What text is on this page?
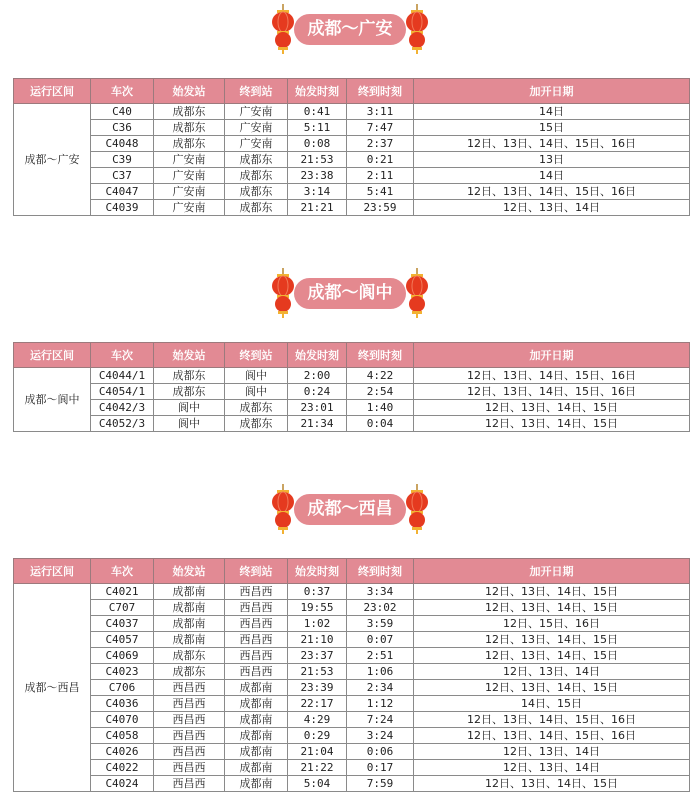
成都～广安
运行区间	车次	始发站	终到站	始发时刻	终到时刻	加开日期
成都～广安	C40	成都东	广安南	0:41	3:11	14日
	C36	成都东	广安南	5:11	7:47	15日
	C4048	成都东	广安南	0:08	2:37	12日、13日、14日、15日、16日
	C39	广安南	成都东	21:53	0:21	13日
	C37	广安南	成都东	23:38	2:11	14日
	C4047	广安南	成都东	3:14	5:41	12日、13日、14日、15日、16日
	C4039	广安南	成都东	21:21	23:59	12日、13日、14日
成都～阆中
运行区间	车次	始发站	终到站	始发时刻	终到时刻	加开日期
成都～阆中	C4044/1	成都东	阆中	2:00	4:22	12日、13日、14日、15日、16日
	C4054/1	成都东	阆中	0:24	2:54	12日、13日、14日、15日、16日
	C4042/3	阆中	成都东	23:01	1:40	12日、13日、14日、15日
	C4052/3	阆中	成都东	21:34	0:04	12日、13日、14日、15日
成都～西昌
运行区间	车次	始发站	终到站	始发时刻	终到时刻	加开日期
成都～西昌	C4021	成都南	西昌西	0:37	3:34	12日、13日、14日、15日
	C707	成都南	西昌西	19:55	23:02	12日、13日、14日、15日
	C4037	成都南	西昌西	1:02	3:59	12日、15日、16日
	C4057	成都南	西昌西	21:10	0:07	12日、13日、14日、15日
	C4069	成都东	西昌西	23:37	2:51	12日、13日、14日、15日
	C4023	成都东	西昌西	21:53	1:06	12日、13日、14日
	C706	西昌西	成都南	23:39	2:34	12日、13日、14日、15日
	C4036	西昌西	成都南	22:17	1:12	14日、15日
	C4070	西昌西	成都南	4:29	7:24	12日、13日、14日、15日、16日
	C4058	西昌西	成都南	0:29	3:24	12日、13日、14日、15日、16日
	C4026	西昌西	成都南	21:04	0:06	12日、13日、14日
	C4022	西昌西	成都南	21:22	0:17	12日、13日、14日
	C4024	西昌西	成都南	5:04	7:59	12日、13日、14日、15日
